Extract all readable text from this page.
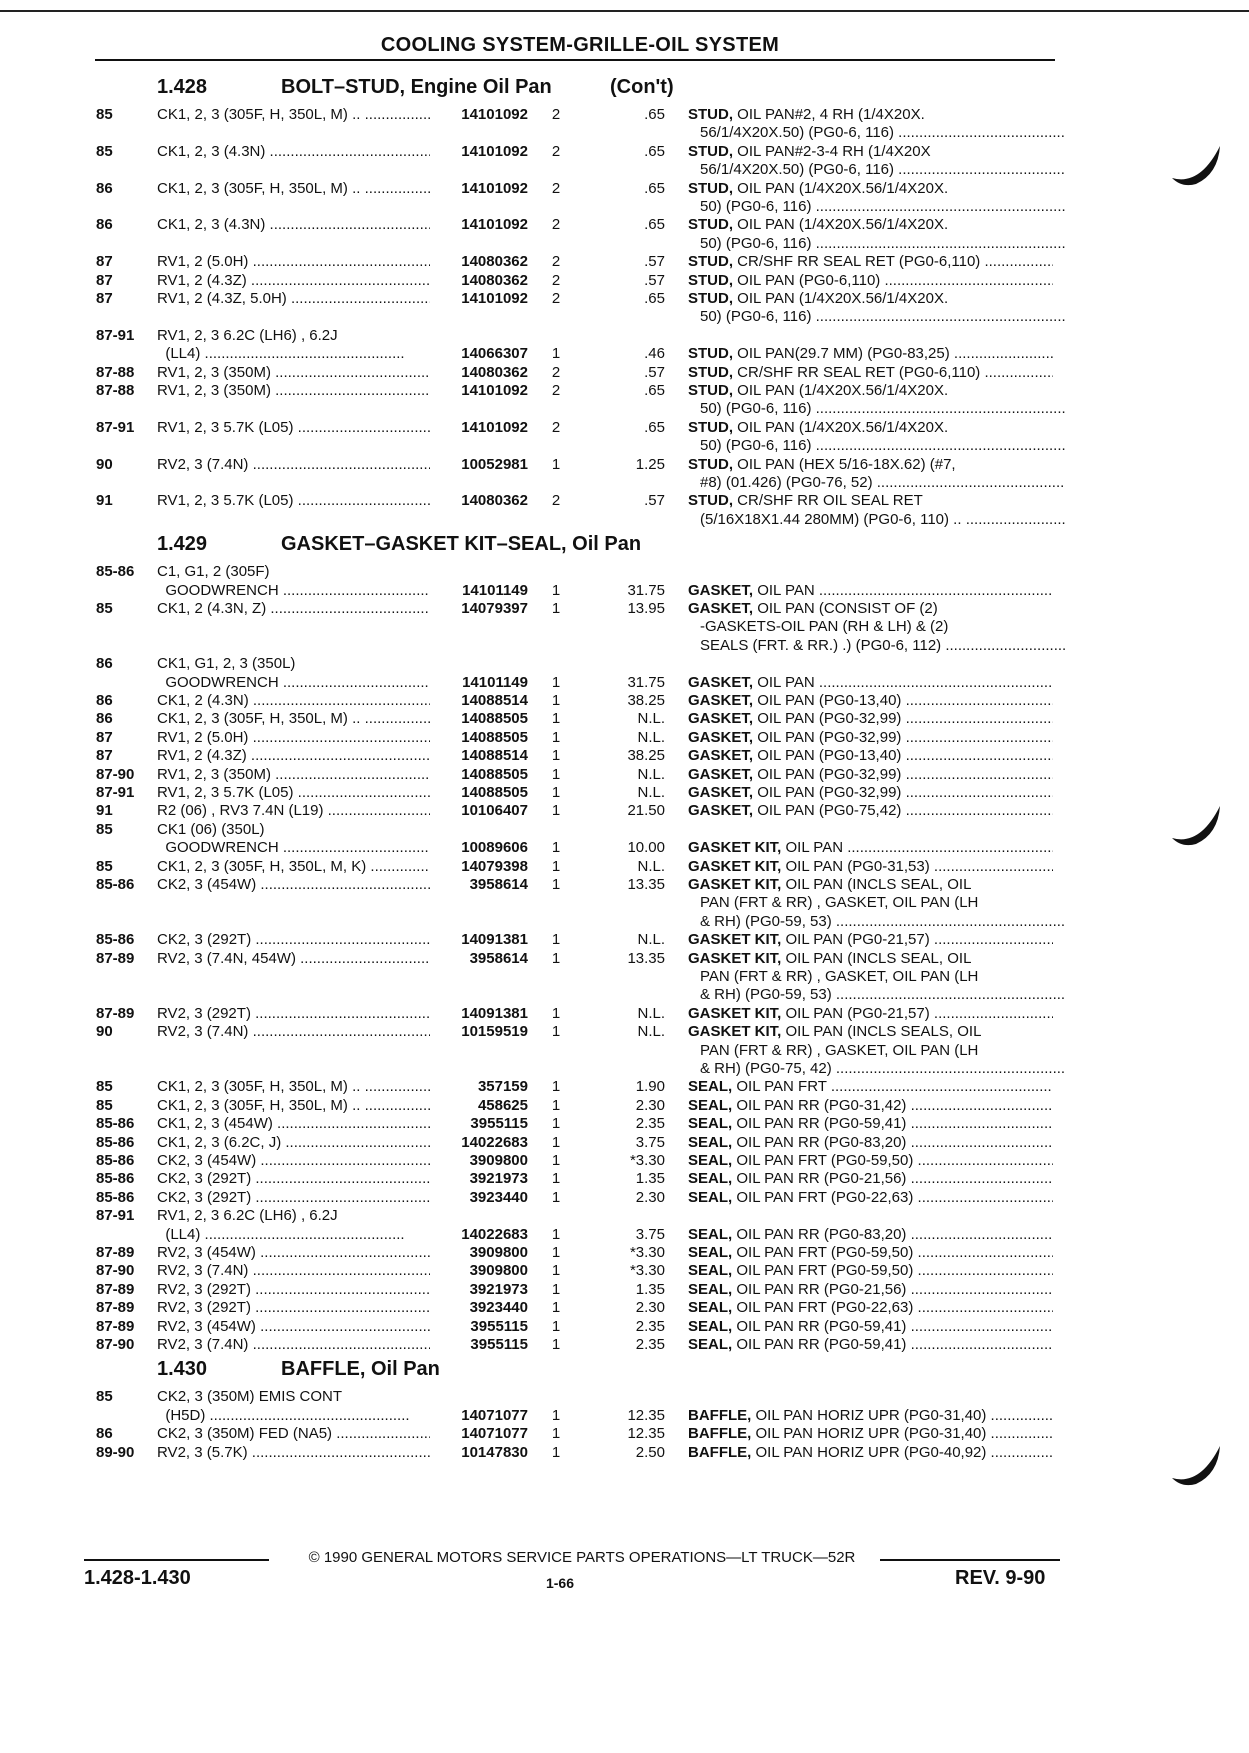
COOLING SYSTEM-GRILLE-OIL SYSTEM
1.428	BOLT–STUD, Engine Oil Pan	(Con't)
85	CK1, 2, 3 (305F, H, 350L, M) .. .....	14101092 2	.65 STUD, OIL PAN#2, 4 RH (1/4X20X.
56/1/4X20X.50) (PG0-6, 116) .....
85	CK1, 2, 3 (4.3N) .....	14101092 2	.65 STUD, OIL PAN#2-3-4 RH (1/4X20X
56/1/4X20X.50) (PG0-6, 116) .....
86	CK1, 2, 3 (305F, H, 350L, M) .. .....	14101092 2	.65 STUD, OIL PAN (1/4X20X.56/1/4X20X.
50) (PG0-6, 116) .....
86	CK1, 2, 3 (4.3N) .....	14101092 2	.65 STUD, OIL PAN (1/4X20X.56/1/4X20X.
50) (PG0-6, 116) .....
87	RV1, 2 (5.0H) .....	14080362 2	.57 STUD, CR/SHF RR SEAL RET (PG0-6,110) .....
87	RV1, 2 (4.3Z) .....	14080362 2	.57 STUD, OIL PAN (PG0-6,110) .....
87	RV1, 2 (4.3Z, 5.0H) .....	14101092 2	.65 STUD, OIL PAN (1/4X20X.56/1/4X20X.
50) (PG0-6, 116) .....
87-91 RV1, 2, 3 6.2C (LH6) , 6.2J
(LL4) .....	14066307 1	.46 STUD, OIL PAN(29.7 MM) (PG0-83,25) .....
87-88 RV1, 2, 3 (350M) .....	14080362 2	.57 STUD, CR/SHF RR SEAL RET (PG0-6,110) .....
87-88 RV1, 2, 3 (350M) .....	14101092 2	.65 STUD, OIL PAN (1/4X20X.56/1/4X20X.
50) (PG0-6, 116) .....
87-91 RV1, 2, 3 5.7K (L05) .....	14101092 2	.65 STUD, OIL PAN (1/4X20X.56/1/4X20X.
50) (PG0-6, 116) .....
90	RV2, 3 (7.4N) .....	10052981 1	1.25 STUD, OIL PAN (HEX 5/16-18X.62) (#7,
#8) (01.426) (PG0-76, 52) .....
91	RV1, 2, 3 5.7K (L05) .....	14080362 2	.57 STUD, CR/SHF RR OIL SEAL RET
(5/16X18X1.44 280MM) (PG0-6, 110) .. .....
1.429	GASKET–GASKET KIT–SEAL, Oil Pan
85-86 C1, G1, 2 (305F)
GOODWRENCH .....	14101149 1	31.75 GASKET, OIL PAN .....
85	CK1, 2 (4.3N, Z) .....	14079397 1	13.95 GASKET, OIL PAN (CONSIST OF (2)
-GASKETS-OIL PAN (RH & LH) & (2)
SEALS (FRT. & RR.) .) (PG0-6, 112) .....
86	CK1, G1, 2, 3 (350L)
GOODWRENCH .....	14101149 1	31.75 GASKET, OIL PAN .....
86	CK1, 2 (4.3N) .....	14088514 1	38.25 GASKET, OIL PAN (PG0-13,40) .....
86	CK1, 2, 3 (305F, H, 350L, M) .. .....	14088505 1	N.L. GASKET, OIL PAN (PG0-32,99) .....
87	RV1, 2 (5.0H) .....	14088505 1	N.L. GASKET, OIL PAN (PG0-32,99) .....
87	RV1, 2 (4.3Z) .....	14088514 1	38.25 GASKET, OIL PAN (PG0-13,40) .....
87-90 RV1, 2, 3 (350M) .....	14088505 1	N.L. GASKET, OIL PAN (PG0-32,99) .....
87-91 RV1, 2, 3 5.7K (L05) .....	14088505 1	N.L. GASKET, OIL PAN (PG0-32,99) .....
91	R2 (06) , RV3 7.4N (L19) .....	10106407 1	21.50 GASKET, OIL PAN (PG0-75,42) .....
85	CK1 (06) (350L)
GOODWRENCH .....	10089606 1	10.00 GASKET KIT, OIL PAN .....
85	CK1, 2, 3 (305F, H, 350L, M, K) .....	14079398 1	N.L. GASKET KIT, OIL PAN (PG0-31,53) .....
85-86 CK2, 3 (454W) .....	3958614 1	13.35 GASKET KIT, OIL PAN (INCLS SEAL, OIL
PAN (FRT & RR) , GASKET, OIL PAN (LH
& RH) (PG0-59, 53) .....
85-86 CK2, 3 (292T) .....	14091381 1	N.L. GASKET KIT, OIL PAN (PG0-21,57) .....
87-89 RV2, 3 (7.4N, 454W) .....	3958614 1	13.35 GASKET KIT, OIL PAN (INCLS SEAL, OIL
PAN (FRT & RR) , GASKET, OIL PAN (LH
& RH) (PG0-59, 53) .....
87-89 RV2, 3 (292T) .....	14091381 1	N.L. GASKET KIT, OIL PAN (PG0-21,57) .....
90	RV2, 3 (7.4N) .....	10159519 1	N.L. GASKET KIT, OIL PAN (INCLS SEALS, OIL
PAN (FRT & RR) , GASKET, OIL PAN (LH
& RH) (PG0-75, 42) .....
85	CK1, 2, 3 (305F, H, 350L, M) .. .....	357159 1	1.90 SEAL, OIL PAN FRT .....
85	CK1, 2, 3 (305F, H, 350L, M) .. .....	458625 1	2.30 SEAL, OIL PAN RR (PG0-31,42) .....
85-86 CK1, 2, 3 (454W) .....	3955115 1	2.35 SEAL, OIL PAN RR (PG0-59,41) .....
85-86 CK1, 2, 3 (6.2C, J) .....	14022683 1	3.75 SEAL, OIL PAN RR (PG0-83,20) .....
85-86 CK2, 3 (454W) .....	3909800 1	*3.30 SEAL, OIL PAN FRT (PG0-59,50) .....
85-86 CK2, 3 (292T) .....	3921973 1	1.35 SEAL, OIL PAN RR (PG0-21,56) .....
85-86 CK2, 3 (292T) .....	3923440 1	2.30 SEAL, OIL PAN FRT (PG0-22,63) .....
87-91 RV1, 2, 3 6.2C (LH6) , 6.2J
(LL4) .....	14022683 1	3.75 SEAL, OIL PAN RR (PG0-83,20) .....
87-89 RV2, 3 (454W) .....	3909800 1	*3.30 SEAL, OIL PAN FRT (PG0-59,50) .....
87-90 RV2, 3 (7.4N) .....	3909800 1	*3.30 SEAL, OIL PAN FRT (PG0-59,50) .....
87-89 RV2, 3 (292T) .....	3921973 1	1.35 SEAL, OIL PAN RR (PG0-21,56) .....
87-89 RV2, 3 (292T) .....	3923440 1	2.30 SEAL, OIL PAN FRT (PG0-22,63) .....
87-89 RV2, 3 (454W) .....	3955115 1	2.35 SEAL, OIL PAN RR (PG0-59,41) .....
87-90 RV2, 3 (7.4N) .....	3955115 1	2.35 SEAL, OIL PAN RR (PG0-59,41) .....
1.430	BAFFLE, Oil Pan
85	CK2, 3 (350M) EMIS CONT
(H5D) .....	14071077 1	12.35 BAFFLE, OIL PAN HORIZ UPR (PG0-31,40) .....
86	CK2, 3 (350M) FED (NA5) .....	14071077 1	12.35 BAFFLE, OIL PAN HORIZ UPR (PG0-31,40) .....
89-90 RV2, 3 (5.7K) .....	10147830 1	2.50 BAFFLE, OIL PAN HORIZ UPR (PG0-40,92) .....
© 1990 GENERAL MOTORS SERVICE PARTS OPERATIONS—LT TRUCK—52R
1.428-1.430	1-66	REV. 9-90
